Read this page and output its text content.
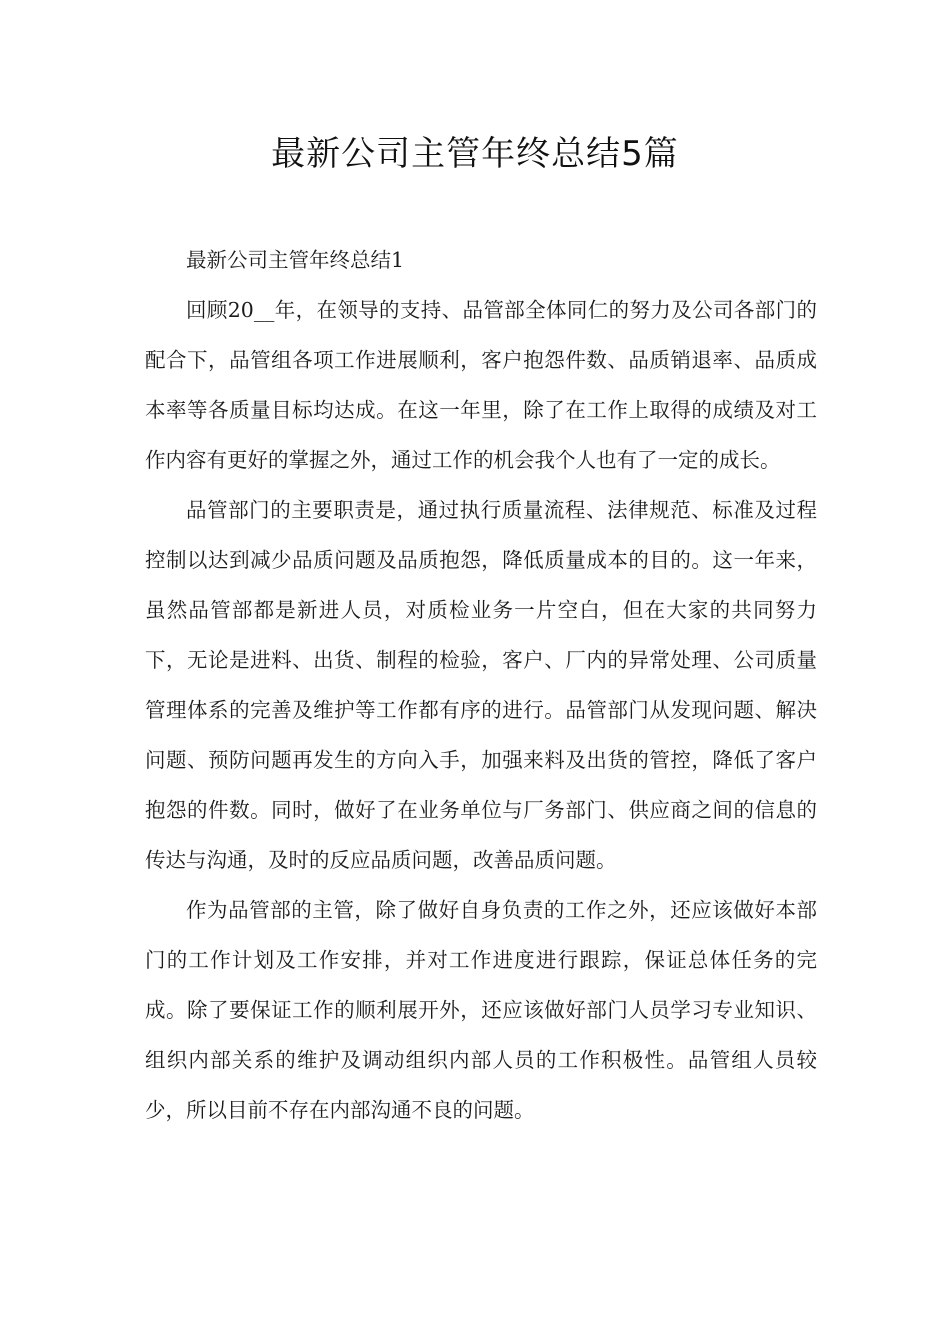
最新公司主管年终总结5篇

最新公司主管年终总结1

回顾20__年，在领导的支持、品管部全体同仁的努力及公司各部门的配合下，品管组各项工作进展顺利，客户抱怨件数、品质销退率、品质成本率等各质量目标均达成。在这一年里，除了在工作上取得的成绩及对工作内容有更好的掌握之外，通过工作的机会我个人也有了一定的成长。

品管部门的主要职责是，通过执行质量流程、法律规范、标准及过程控制以达到减少品质问题及品质抱怨，降低质量成本的目的。这一年来，虽然品管部都是新进人员，对质检业务一片空白，但在大家的共同努力下，无论是进料、出货、制程的检验，客户、厂内的异常处理、公司质量管理体系的完善及维护等工作都有序的进行。品管部门从发现问题、解决问题、预防问题再发生的方向入手，加强来料及出货的管控，降低了客户抱怨的件数。同时，做好了在业务单位与厂务部门、供应商之间的信息的传达与沟通，及时的反应品质问题，改善品质问题。

作为品管部的主管，除了做好自身负责的工作之外，还应该做好本部门的工作计划及工作安排，并对工作进度进行跟踪，保证总体任务的完成。除了要保证工作的顺利展开外，还应该做好部门人员学习专业知识、组织内部关系的维护及调动组织内部人员的工作积极性。品管组人员较少，所以目前不存在内部沟通不良的问题。
